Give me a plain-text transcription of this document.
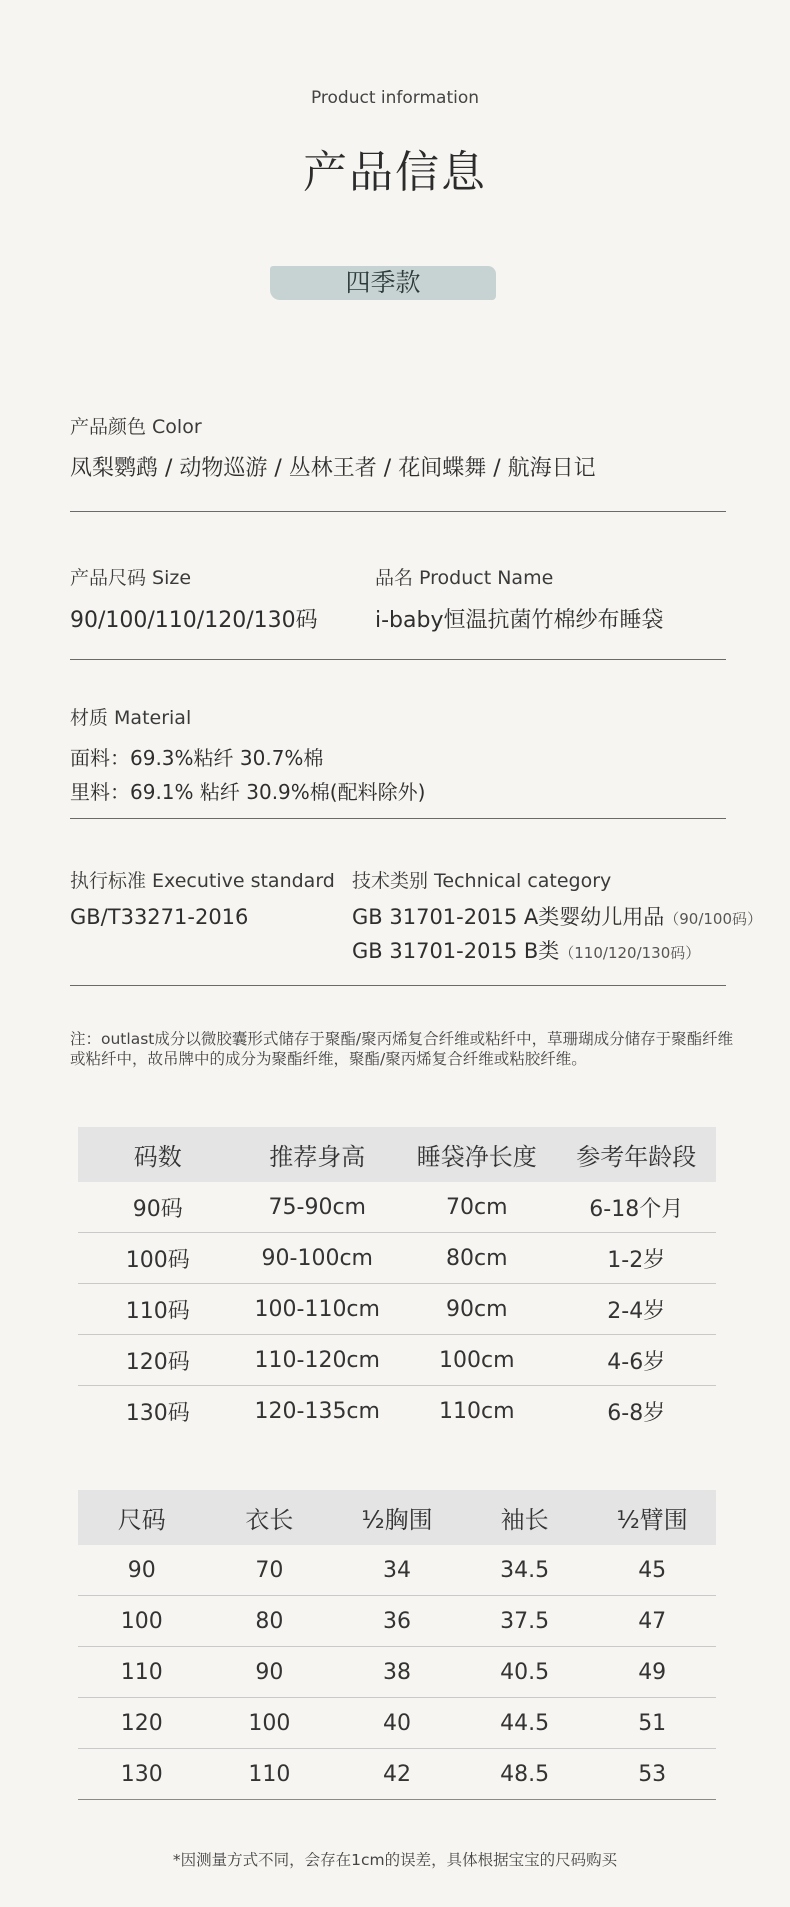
Product information
产品信息
四季款
产品颜色 Color
凤梨鹦鹉 / 动物巡游 / 丛林王者 / 花间蝶舞 / 航海日记
产品尺码 Size
90/100/110/120/130码
品名 Product Name
i-baby恒温抗菌竹棉纱布睡袋
材质 Material
面料：69.3%粘纤 30.7%棉
里料：69.1% 粘纤 30.9%棉(配料除外)
执行标准 Executive standard
GB/T33271-2016
技术类别 Technical category
GB 31701-2015 A类婴幼儿用品（90/100码）
GB 31701-2015 B类（110/120/130码）
注：outlast成分以微胶囊形式储存于聚酯/聚丙烯复合纤维或粘纤中，草珊瑚成分储存于聚酯纤维或粘纤中，故吊牌中的成分为聚酯纤维，聚酯/聚丙烯复合纤维或粘胶纤维。
码数	推荐身高	睡袋净长度	参考年龄段
90码	75-90cm	70cm	6-18个月
100码	90-100cm	80cm	1-2岁
110码	100-110cm	90cm	2-4岁
120码	110-120cm	100cm	4-6岁
130码	120-135cm	110cm	6-8岁
尺码	衣长	½胸围	袖长	½臂围
90	70	34	34.5	45
100	80	36	37.5	47
110	90	38	40.5	49
120	100	40	44.5	51
130	110	42	48.5	53
*因测量方式不同，会存在1cm的误差，具体根据宝宝的尺码购买
